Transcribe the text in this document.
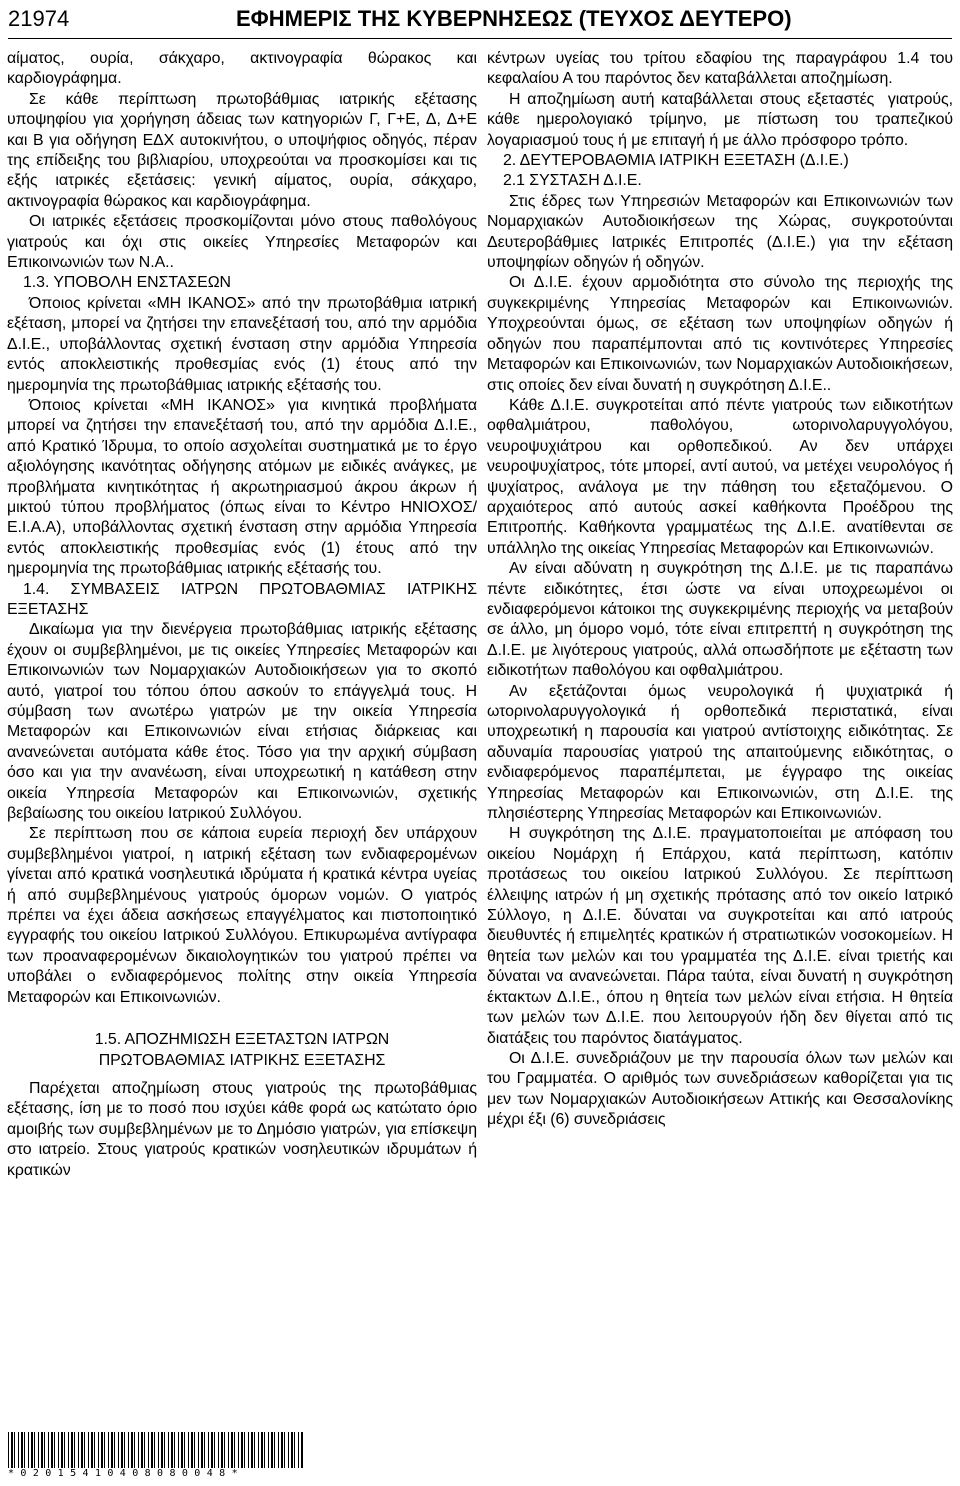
21974	ΕΦΗΜΕΡΙΣ ΤΗΣ ΚΥΒΕΡΝΗΣΕΩΣ (ΤΕΥΧΟΣ ΔΕΥΤΕΡΟ)

αίματος, ουρία, σάκχαρο, ακτινογραφία θώρακος και καρδιογράφημα.

Σε κάθε περίπτωση πρωτοβάθμιας ιατρικής εξέτασης υποψηφίου για χορήγηση άδειας των κατηγοριών Γ, Γ+Ε, Δ, Δ+Ε και Β για οδήγηση ΕΔΧ αυτοκινήτου, ο υποψήφιος οδηγός, πέραν της επίδειξης του βιβλιαρίου, υποχρεούται να προσκομίσει και τις εξής ιατρικές εξετάσεις: γενική αίματος, ουρία, σάκχαρο, ακτινογραφία θώρακος και καρδιογράφημα.

Οι ιατρικές εξετάσεις προσκομίζονται μόνο στους παθολόγους γιατρούς και όχι στις οικείες Υπηρεσίες Μεταφορών και Επικοινωνιών των Ν.Α..

1.3. ΥΠΟΒΟΛΗ ΕΝΣΤΑΣΕΩΝ

Όποιος κρίνεται «ΜΗ ΙΚΑΝΟΣ» από την πρωτοβάθμια ιατρική εξέταση, μπορεί να ζητήσει την επανεξέτασή του, από την αρμόδια Δ.Ι.Ε., υποβάλλοντας σχετική ένσταση στην αρμόδια Υπηρεσία εντός αποκλειστικής προθεσμίας ενός (1) έτους από την ημερομηνία της πρωτοβάθμιας ιατρικής εξέτασής του.

Όποιος κρίνεται «ΜΗ ΙΚΑΝΟΣ» για κινητικά προβλήματα μπορεί να ζητήσει την επανεξέτασή του, από την αρμόδια Δ.Ι.Ε., από Κρατικό Ίδρυμα, το οποίο ασχολείται συστηματικά με το έργο αξιολόγησης ικανότητας οδήγησης ατόμων με ειδικές ανάγκες, με προβλήματα κινητικότητας ή ακρωτηριασμού άκρου άκρων ή μικτού τύπου προβλήματος (όπως είναι το Κέντρο ΗΝΙΟΧΟΣ/Ε.Ι.Α.Α), υποβάλλοντας σχετική ένσταση στην αρμόδια Υπηρεσία εντός αποκλειστικής προθεσμίας ενός (1) έτους από την ημερομηνία της πρωτοβάθμιας ιατρικής εξέτασής του.

1.4. ΣΥΜΒΑΣΕΙΣ ΙΑΤΡΩΝ ΠΡΩΤΟΒΑΘΜΙΑΣ ΙΑΤΡΙΚΗΣ ΕΞΕΤΑΣΗΣ

Δικαίωμα για την διενέργεια πρωτοβάθμιας ιατρικής εξέτασης έχουν οι συμβεβλημένοι, με τις οικείες Υπηρεσίες Μεταφορών και Επικοινωνιών των Νομαρχιακών Αυτοδιοικήσεων για το σκοπό αυτό, γιατροί του τόπου όπου ασκούν το επάγγελμά τους. Η σύμβαση των ανωτέρω γιατρών με την οικεία Υπηρεσία Μεταφορών και Επικοινωνιών είναι ετήσιας διάρκειας και ανανεώνεται αυτόματα κάθε έτος. Τόσο για την αρχική σύμβαση όσο και για την ανανέωση, είναι υποχρεωτική η κατάθεση στην οικεία Υπηρεσία Μεταφορών και Επικοινωνιών, σχετικής βεβαίωσης του οικείου Ιατρικού Συλλόγου.

Σε περίπτωση που σε κάποια ευρεία περιοχή δεν υπάρχουν συμβεβλημένοι γιατροί, η ιατρική εξέταση των ενδιαφερομένων γίνεται από κρατικά νοσηλευτικά ιδρύματα ή κρατικά κέντρα υγείας ή από συμβεβλημένους γιατρούς όμορων νομών. Ο γιατρός πρέπει να έχει άδεια ασκήσεως επαγγέλματος και πιστοποιητικό εγγραφής του οικείου Ιατρικού Συλλόγου. Επικυρωμένα αντίγραφα των προαναφερομένων δικαιολογητικών του γιατρού πρέπει να υποβάλει ο ενδιαφερόμενος πολίτης στην οικεία Υπηρεσία Μεταφορών και Επικοινωνιών.

1.5. ΑΠΟΖΗΜΙΩΣΗ ΕΞΕΤΑΣΤΩΝ ΙΑΤΡΩΝ

ΠΡΩΤΟΒΑΘΜΙΑΣ ΙΑΤΡΙΚΗΣ ΕΞΕΤΑΣΗΣ

Παρέχεται αποζημίωση στους γιατρούς της πρωτοβάθμιας εξέτασης, ίση με το ποσό που ισχύει κάθε φορά ως κατώτατο όριο αμοιβής των συμβεβλημένων με το Δημόσιο γιατρών, για επίσκεψη στο ιατρείο. Στους γιατρούς κρατικών νοσηλευτικών ιδρυμάτων ή κρατικών

κέντρων υγείας του τρίτου εδαφίου της παραγράφου 1.4 του κεφαλαίου Α του παρόντος δεν καταβάλλεται αποζημίωση.

Η αποζημίωση αυτή καταβάλλεται στους εξεταστές γιατρούς, κάθε ημερολογιακό τρίμηνο, με πίστωση του τραπεζικού λογαριασμού τους ή με επιταγή ή με άλλο πρόσφορο τρόπο.

2. ΔΕΥΤΕΡΟΒΑΘΜΙΑ ΙΑΤΡΙΚΗ ΕΞΕΤΑΣΗ (Δ.Ι.Ε.)

2.1 ΣΥΣΤΑΣΗ Δ.Ι.Ε.

Στις έδρες των Υπηρεσιών Μεταφορών και Επικοινωνιών των Νομαρχιακών Αυτοδιοικήσεων της Χώρας, συγκροτούνται Δευτεροβάθμιες Ιατρικές Επιτροπές (Δ.Ι.Ε.) για την εξέταση υποψηφίων οδηγών ή οδηγών.

Οι Δ.Ι.Ε. έχουν αρμοδιότητα στο σύνολο της περιοχής της συγκεκριμένης Υπηρεσίας Μεταφορών και Επικοινωνιών. Υποχρεούνται όμως, σε εξέταση των υποψηφίων οδηγών ή οδηγών που παραπέμπονται από τις κοντινότερες Υπηρεσίες Μεταφορών και Επικοινωνιών, των Νομαρχιακών Αυτοδιοικήσεων, στις οποίες δεν είναι δυνατή η συγκρότηση Δ.Ι.Ε..

Κάθε Δ.Ι.Ε. συγκροτείται από πέντε γιατρούς των ειδικοτήτων οφθαλμιάτρου, παθολόγου, ωτορινολαρυγγολόγου, νευροψυχιάτρου και ορθοπεδικού. Αν δεν υπάρχει νευροψυχίατρος, τότε μπορεί, αντί αυτού, να μετέχει νευρολόγος ή ψυχίατρος, ανάλογα με την πάθηση του εξεταζόμενου. Ο αρχαιότερος από αυτούς ασκεί καθήκοντα Προέδρου της Επιτροπής. Καθήκοντα γραμματέως της Δ.Ι.Ε. ανατίθενται σε υπάλληλο της οικείας Υπηρεσίας Μεταφορών και Επικοινωνιών.

Αν είναι αδύνατη η συγκρότηση της Δ.Ι.Ε. με τις παραπάνω πέντε ειδικότητες, έτσι ώστε να είναι υποχρεωμένοι οι ενδιαφερόμενοι κάτοικοι της συγκεκριμένης περιοχής να μεταβούν σε άλλο, μη όμορο νομό, τότε είναι επιτρεπτή η συγκρότηση της Δ.Ι.Ε. με λιγότερους γιατρούς, αλλά οπωσδήποτε με εξέταστη των ειδικοτήτων παθολόγου και οφθαλμιάτρου.

Αν εξετάζονται όμως νευρολογικά ή ψυχιατρικά ή ωτορινολαρυγγολογικά ή ορθοπεδικά περιστατικά, είναι υποχρεωτική η παρουσία και γιατρού αντίστοιχης ειδικότητας. Σε αδυναμία παρουσίας γιατρού της απαιτούμενης ειδικότητας, ο ενδιαφερόμενος παραπέμπεται, με έγγραφο της οικείας Υπηρεσίας Μεταφορών και Επικοινωνιών, στη Δ.Ι.Ε. της πλησιέστερης Υπηρεσίας Μεταφορών και Επικοινωνιών.

Η συγκρότηση της Δ.Ι.Ε. πραγματοποιείται με απόφαση του οικείου Νομάρχη ή Επάρχου, κατά περίπτωση, κατόπιν προτάσεως του οικείου Ιατρικού Συλλόγου. Σε περίπτωση έλλειψης ιατρών ή μη σχετικής πρότασης από τον οικείο Ιατρικό Σύλλογο, η Δ.Ι.Ε. δύναται να συγκροτείται και από ιατρούς διευθυντές ή επιμελητές κρατικών ή στρατιωτικών νοσοκομείων. Η θητεία των μελών και του γραμματέα της Δ.Ι.Ε. είναι τριετής και δύναται να ανανεώνεται. Πάρα ταύτα, είναι δυνατή η συγκρότηση έκτακτων Δ.Ι.Ε., όπου η θητεία των μελών είναι ετήσια. Η θητεία των μελών των Δ.Ι.Ε. που λειτουργούν ήδη δεν θίγεται από τις διατάξεις του παρόντος διατάγματος.

Οι Δ.Ι.Ε. συνεδριάζουν με την παρουσία όλων των μελών και του Γραμματέα. Ο αριθμός των συνεδριάσεων καθορίζεται για τις μεν των Νομαρχιακών Αυτοδιοικήσεων Αττικής και Θεσσαλονίκης μέχρι έξι (6) συνεδριάσεις

*02015410408080048*
